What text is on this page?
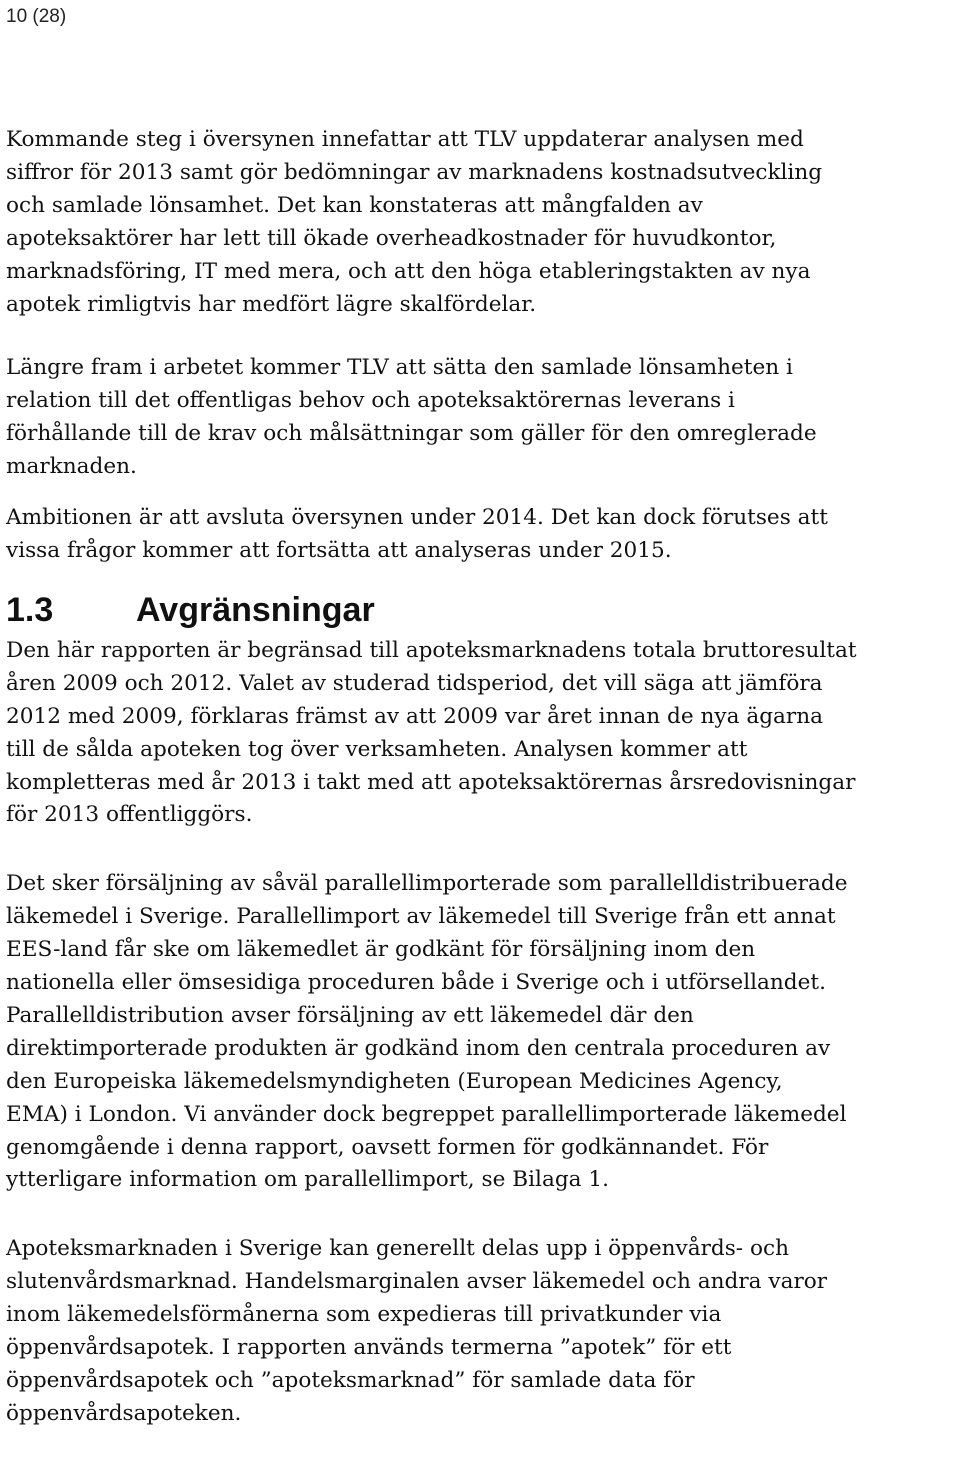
10 (28)

Kommande steg i översynen innefattar att TLV uppdaterar analysen med
siffror för 2013 samt gör bedömningar av marknadens kostnadsutveckling
och samlade lönsamhet. Det kan konstateras att mångfalden av
apoteksaktörer har lett till ökade overheadkostnader för huvudkontor,
marknadsföring, IT med mera, och att den höga etableringstakten av nya
apotek rimligtvis har medfört lägre skalfördelar.

Längre fram i arbetet kommer TLV att sätta den samlade lönsamheten i
relation till det offentligas behov och apoteksaktörernas leverans i
förhållande till de krav och målsättningar som gäller för den omreglerade
marknaden.

Ambitionen är att avsluta översynen under 2014. Det kan dock förutses att
vissa frågor kommer att fortsätta att analyseras under 2015.

1.3	Avgränsningar

Den här rapporten är begränsad till apoteksmarknadens totala bruttoresultat
åren 2009 och 2012. Valet av studerad tidsperiod, det vill säga att jämföra
2012 med 2009, förklaras främst av att 2009 var året innan de nya ägarna
till de sålda apoteken tog över verksamheten. Analysen kommer att
kompletteras med år 2013 i takt med att apoteksaktörernas årsredovisningar
för 2013 offentliggörs.

Det sker försäljning av såväl parallellimporterade som parallelldistribuerade
läkemedel i Sverige. Parallellimport av läkemedel till Sverige från ett annat
EES-land får ske om läkemedlet är godkänt för försäljning inom den
nationella eller ömsesidiga proceduren både i Sverige och i utförsellandet.
Parallelldistribution avser försäljning av ett läkemedel där den
direktimporterade produkten är godkänd inom den centrala proceduren av
den Europeiska läkemedelsmyndigheten (European Medicines Agency,
EMA) i London. Vi använder dock begreppet parallellimporterade läkemedel
genomgående i denna rapport, oavsett formen för godkännandet. För
ytterligare information om parallellimport, se Bilaga 1.

Apoteksmarknaden i Sverige kan generellt delas upp i öppenvårds- och
slutenvårdsmarknad. Handelsmarginalen avser läkemedel och andra varor
inom läkemedelsförmånerna som expedieras till privatkunder via
öppenvårdsapotek. I rapporten används termerna ”apotek” för ett
öppenvårdsapotek och ”apoteksmarknad” för samlade data för
öppenvårdsapoteken.
